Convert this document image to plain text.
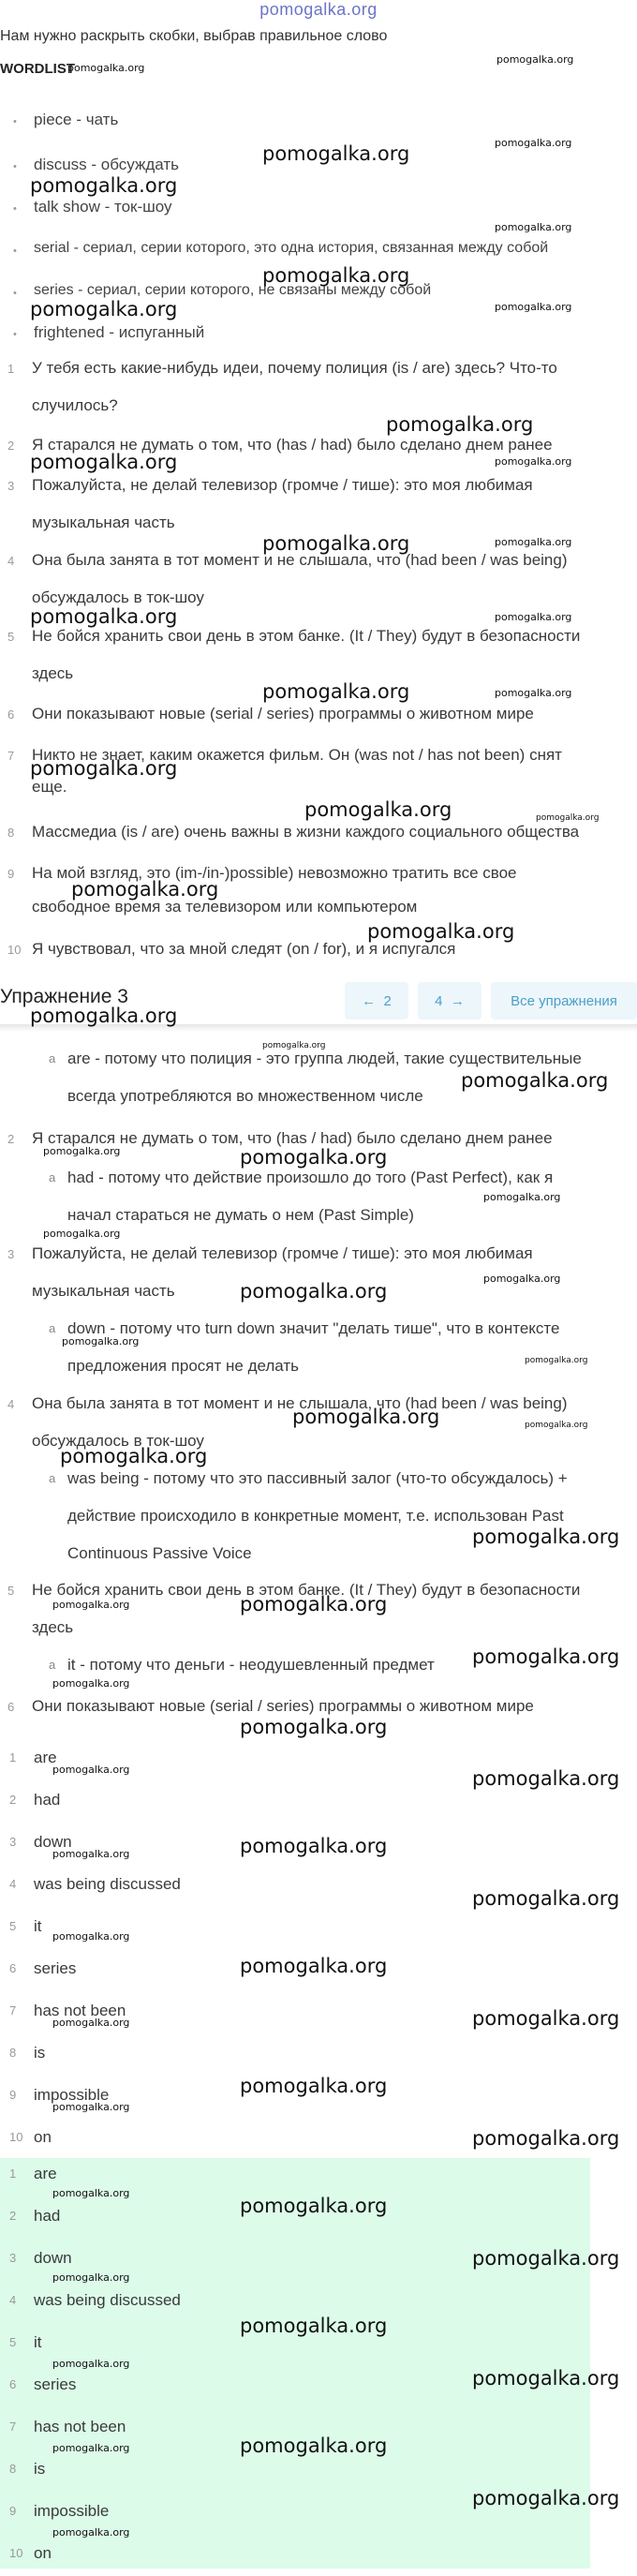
pomogalka.org
Нам нужно раскрыть скобки, выбрав правильное слово
WORDLIST
piece - чать
discuss - обсуждать
talk show - ток-шоу
serial - сериал, серии которого, это одна история, связанная между собой
series - сериал, серии которого, не связаны между собой
frightened - испуганный
1 У тебя есть какие-нибудь идеи, почему полиция (is / are) здесь? Что-то
случилось?
2 Я старался не думать о том, что (has / had) было сделано днем ранее
3 Пожалуйста, не делай телевизор (громче / тише): это моя любимая
музыкальная часть
4 Она была занята в тот момент и не слышала, что (had been / was being)
обсуждалось в ток-шоу
5 Не бойся хранить свои день в этом банке. (It / They) будут в безопасности
здесь
6 Они показывают новые (serial / series) программы о животном мире
7 Никто не знает, каким окажется фильм. Он (was not / has not been) снят
еще.
8 Массмедиа (is / are) очень важны в жизни каждого социального общества
9 На мой взгляд, это (im-/in-)possible) невозможно тратить все свое
свободное время за телевизором или компьютером
10 Я чувствовал, что за мной следят (on / for), и я испугался
Упражнение 3	←
2	4
→	Все упражнения
a are - потому что полиция - это группа людей, такие существительные
всегда употребляются во множественном числе
2 Я старался не думать о том, что (has / had) было сделано днем ранее
a had - потому что действие произошло до того (Past Perfect), как я
начал стараться не думать о нем (Past Simple)
3 Пожалуйста, не делай телевизор (громче / тише): это моя любимая
музыкальная часть
a down - потому что turn down значит "делать тише", что в контексте
предложения просят не делать
4 Она была занята в тот момент и не слышала, что (had been / was being)
обсуждалось в ток-шоу
a was being - потому что это пассивный залог (что-то обсуждалось) +
действие происходило в конкретные момент, т.е. использован Past
Continuous Passive Voice
5 Не бойся хранить свои день в этом банке. (It / They) будут в безопасности
здесь
a it - потому что деньги - неодушевленный предмет
6 Они показывают новые (serial / series) программы о животном мире
1 are
2 had
3 down
4 was being discussed
5 it
6 series
7 has not been
8 is
9 impossible
10 on
1 are
2 had
3 down
4 was being discussed
5 it
6 series
7 has not been
8 is
9 impossible
10 on
pomogalka.org
pomogalka.org
pomogalka.org	pomogalka.org
pomogalka.org
pomogalka.org
pomogalka.org
pomogalka.org	pomogalka.org
pomogalka.org
pomogalka.org	pomogalka.org
pomogalka.org	pomogalka.org
pomogalka.org	pomogalka.org
pomogalka.org	pomogalka.org
pomogalka.org
pomogalka.org	pomogalka.org
pomogalka.org
pomogalka.org
pomogalka.org
pomogalka.org
pomogalka.org
pomogalka.org	pomogalka.org
pomogalka.org
pomogalka.org
pomogalka.org
pomogalka.org
pomogalka.org
pomogalka.org
pomogalka.org	pomogalka.org
pomogalka.org
pomogalka.org
pomogalka.org	pomogalka.org
pomogalka.org
pomogalka.org
pomogalka.org
pomogalka.org	pomogalka.org
pomogalka.org
pomogalka.org
pomogalka.org
pomogalka.org
pomogalka.org
pomogalka.org
pomogalka.org
pomogalka.org
pomogalka.org
pomogalka.org
pomogalka.org
pomogalka.org
pomogalka.org
pomogalka.org
pomogalka.org
pomogalka.org
pomogalka.org
pomogalka.org
pomogalka.org
pomogalka.org
pomogalka.org
